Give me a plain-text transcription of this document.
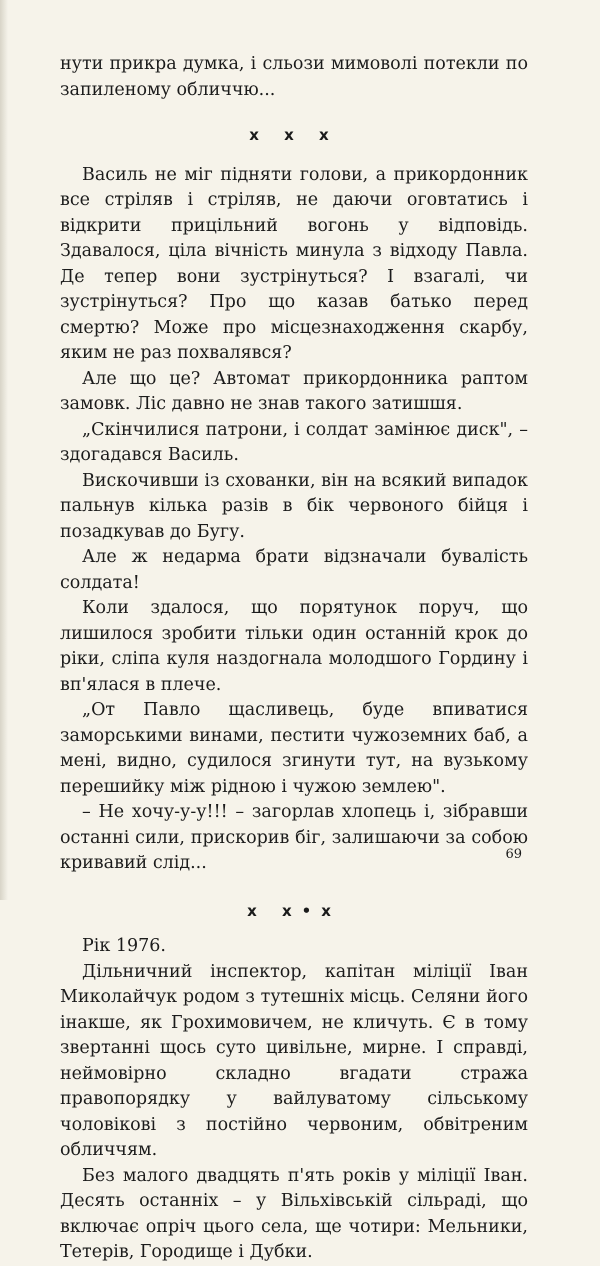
нути прикра думка, і сльози мимоволі потекли по запиленому обличчю...

x x x

Василь не міг підняти голови, а прикордонник все стріляв і стріляв, не даючи оговтатись і відкрити прицільний вогонь у відповідь. Здавалося, ціла вічність минула з відходу Павла. Де тепер вони зустрінуться? І взагалі, чи зустрінуться? Про що казав батько перед смертю? Може про місцезнаходження скарбу, яким не раз похвалявся?

Але що це? Автомат прикордонника раптом замовк. Ліс давно не знав такого затишшя.

„Скінчилися патрони, і солдат замінює диск", – здогадався Василь.

Вискочивши із схованки, він на всякий випадок пальнув кілька разів в бік червоного бійця і позадкував до Бугу.

Але ж недарма брати відзначали бувалість солдата!

Коли здалося, що порятунок поруч, що лишилося зробити тільки один останній крок до ріки, сліпа куля наздогнала молодшого Гордину і вп'ялася в плече.

„От Павло щасливець, буде впиватися заморськими винами, пестити чужоземних баб, а мені, видно, судилося згинути тут, на вузькому перешийку між рідною і чужою землею".

– Не хочу-у-у!!! – загорлав хлопець і, зібравши останні сили, прискорив біг, залишаючи за собою кривавий слід...

x x•x

Рік 1976.

Дільничний інспектор, капітан міліції Іван Миколайчук родом з тутешніх місць. Селяни його інакше, як Грохимовичем, не кличуть. Є в тому звертанні щось суто цивільне, мирне. І справді, неймовірно складно вгадати стража правопорядку у вайлуватому сільському чоловікові з постійно червоним, обвітреним обличчям.

Без малого двадцять п'ять років у міліції Іван. Десять останніх – у Вільхівській сільраді, що включає опріч цього села, ще чотири: Мельники, Тетерів, Городище і Дубки.

69
